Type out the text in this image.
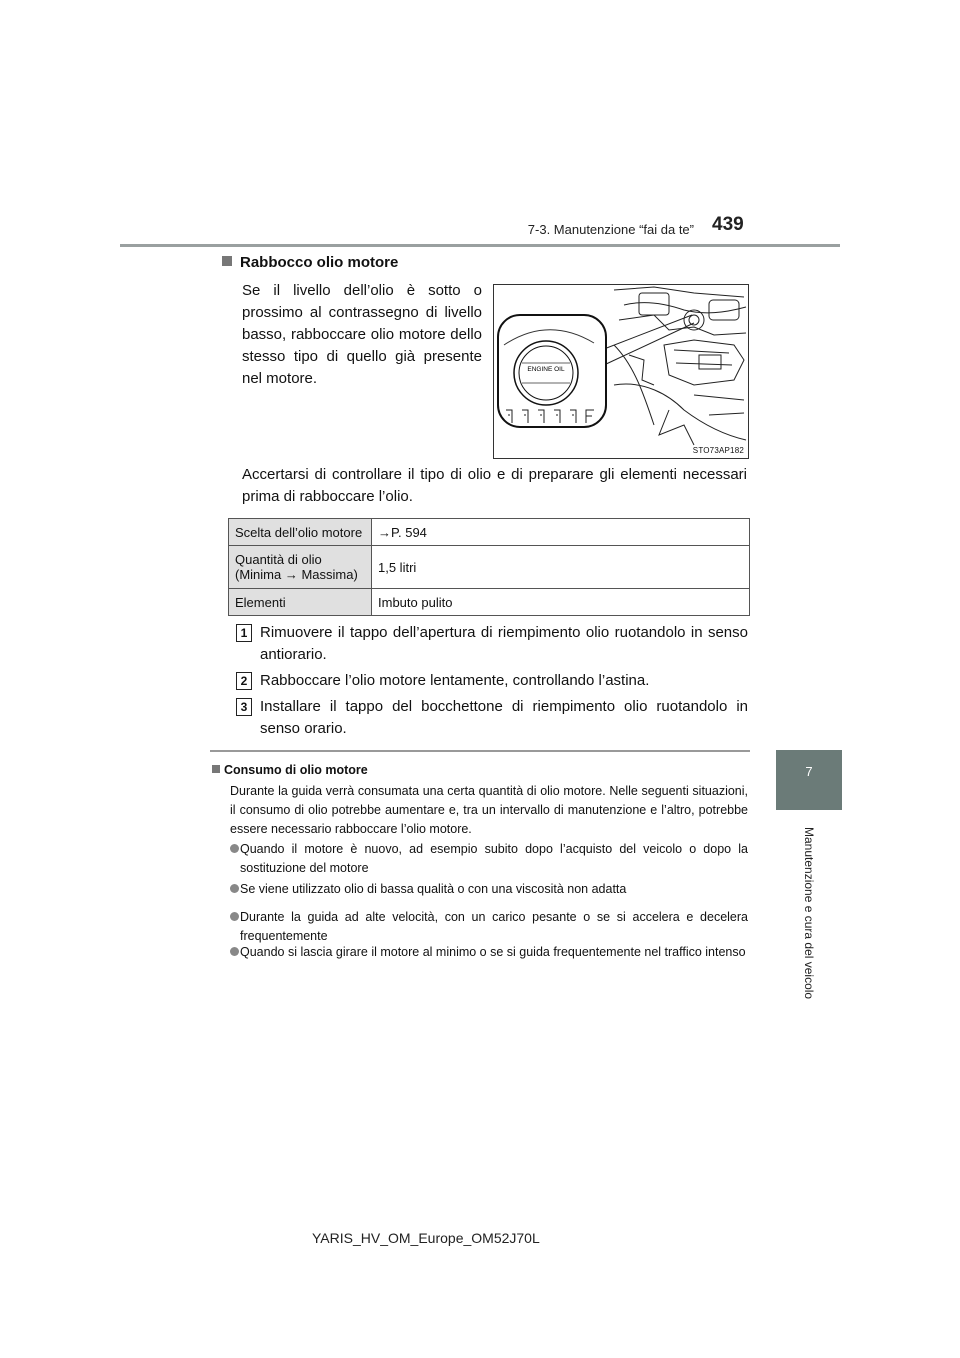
7-3. Manutenzione “fai da te” 439
7
Manutenzione e cura del veicolo
Rabbocco olio motore
Se il livello dell’olio è sotto o prossimo al contrassegno di livello basso, rabboccare olio motore dello stesso tipo di quello già presente nel motore.
ENGINE OIL
STO73AP182
Accertarsi di controllare il tipo di olio e di preparare gli elementi necessari prima di rabboccare l’olio.
Scelta dell’olio motore	→P. 594
Quantità di olio
(Minima → Massima)	1,5 litri
Elementi	Imbuto pulito
1 Rimuovere il tappo dell’apertura di riempimento olio ruotandolo in senso antiorario.
2 Rabboccare l’olio motore lentamente, controllando l’astina.
3 Installare il tappo del bocchettone di riempimento olio ruotandolo in senso orario.
Consumo di olio motore
Durante la guida verrà consumata una certa quantità di olio motore. Nelle seguenti situazioni, il consumo di olio potrebbe aumentare e, tra un intervallo di manutenzione e l’altro, potrebbe essere necessario rabboccare l’olio motore.
Quando il motore è nuovo, ad esempio subito dopo l’acquisto del veicolo o dopo la sostituzione del motore
Se viene utilizzato olio di bassa qualità o con una viscosità non adatta
Durante la guida ad alte velocità, con un carico pesante o se si accelera e decelera frequentemente
Quando si lascia girare il motore al minimo o se si guida frequentemente nel traffico intenso
YARIS_HV_OM_Europe_OM52J70L
